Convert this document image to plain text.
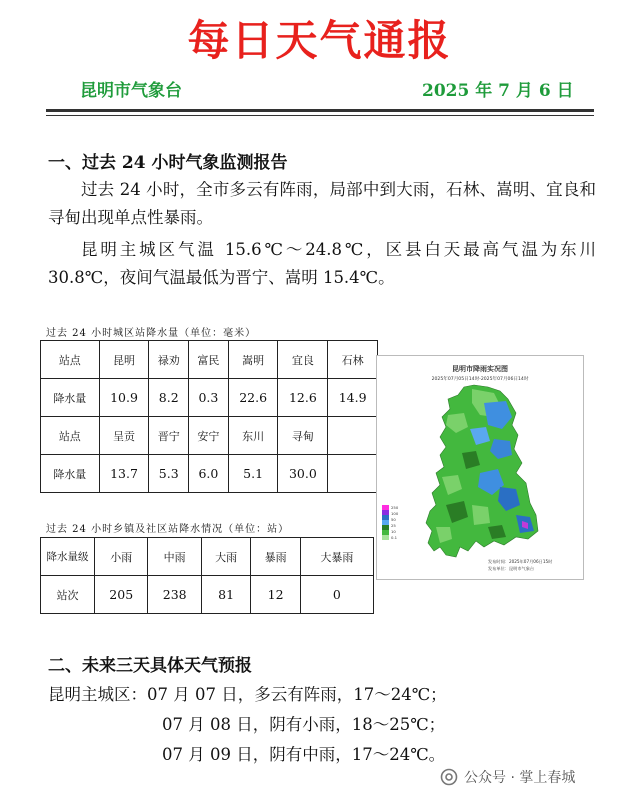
每日天气通报
昆明市气象台	2025 年 7 月 6 日
一、过去 24 小时气象监测报告
过去 24 小时，全市多云有阵雨，局部中到大雨，石林、嵩明、宜良和寻甸出现单点性暴雨。
昆明主城区气温 15.6℃～24.8℃，区县白天最高气温为东川 30.8℃，夜间气温最低为晋宁、嵩明 15.4℃。
过去 24 小时城区站降水量（单位：毫米）
站点	昆明	禄劝	富民	嵩明	宜良	石林
降水量	10.9	8.2	0.3	22.6	12.6	14.9
站点	呈贡	晋宁	安宁	东川	寻甸	
降水量	13.7	5.3	6.0	5.1	30.0	
过去 24 小时乡镇及社区站降水情况（单位：站）
降水量级	小雨	中雨	大雨	暴雨	大暴雨
站次	205	238	81	12	0
昆明市降雨实况图
2025年07月05日14时-2025年07月06日14时
250
100
50
25
10
0.1
发布时间：2025年07月06日15时
发布单位：昆明市气象台
二、未来三天具体天气预报
昆明主城区：07 月 07 日，多云有阵雨，17～24℃；
07 月 08 日，阴有小雨，18～25℃；
07 月 09 日，阴有中雨，17～24℃。
公众号 · 掌上春城
